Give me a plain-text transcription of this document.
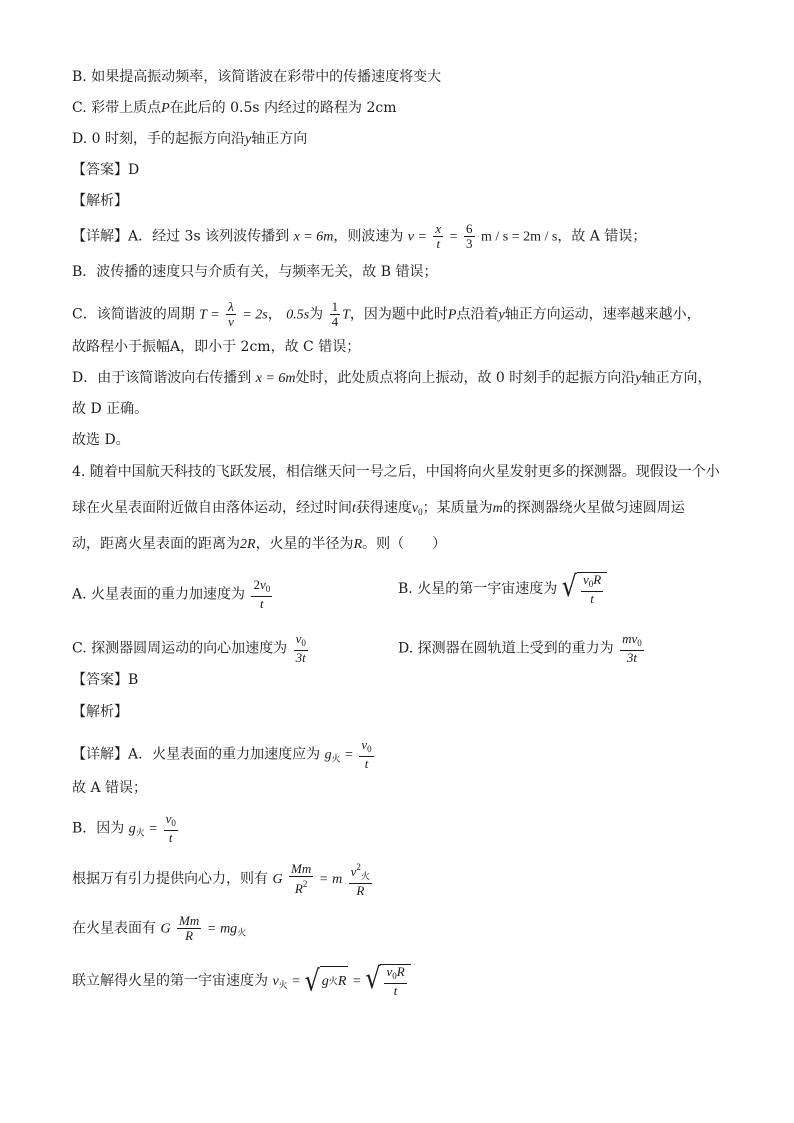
B. 如果提高振动频率，该简谐波在彩带中的传播速度将变大
C. 彩带上质点P在此后的 0.5s 内经过的路程为 2cm
D. 0 时刻，手的起振方向沿y轴正方向
【答案】D
【解析】
【详解】A．经过 3s 该列波传播到 x = 6m，则波速为 $v = \frac{x}{t} = \frac{6}{3}$ m / s = 2m / s，故 A 错误；
B．波传播的速度只与介质有关，与频率无关，故 B 错误；
C．该简谐波的周期 $T = \frac{\lambda}{v} = 2s$， 0.5s为 $\frac{1}{4}$ T，因为题中此时P点沿着y轴正方向运动，速率越来越小，
故路程小于振幅A，即小于 2cm，故 C 错误；
D．由于该简谐波向右传播到 x = 6m处时，此处质点将向上振动，故 0 时刻手的起振方向沿y轴正方向，
故 D 正确。
故选 D。
4. 随着中国航天科技的飞跃发展，相信继天问一号之后，中国将向火星发射更多的探测器。现假设一个小
球在火星表面附近做自由落体运动，经过时间t获得速度$v_0$；某质量为m的探测器绕火星做匀速圆周运
动，距离火星表面的距离为2R，火星的半径为R。则（　　）
A. 火星表面的重力加速度为 $\frac{2v_0}{t}$	B. 火星的第一宇宙速度为 √ $\frac{v_0R}{t}$
C. 探测器圆周运动的向心加速度为 $\frac{v_0}{3t}$	D. 探测器在圆轨道上受到的重力为 $\frac{mv_0}{3t}$
【答案】B
【解析】
【详解】A．火星表面的重力加速度应为 $g_火 = \frac{v_0}{t}$
故 A 错误；
B．因为 $g_火 = \frac{v_0}{t}$
根据万有引力提供向心力，则有 G $\frac{Mm}{R^2} = m \frac{v^2_火}{R}$
在火星表面有 G $\frac{Mm}{R} = mg_火$
联立解得火星的第一宇宙速度为 $v_火$ = √ g 火 R = √ $\frac{v_0R}{t}$
